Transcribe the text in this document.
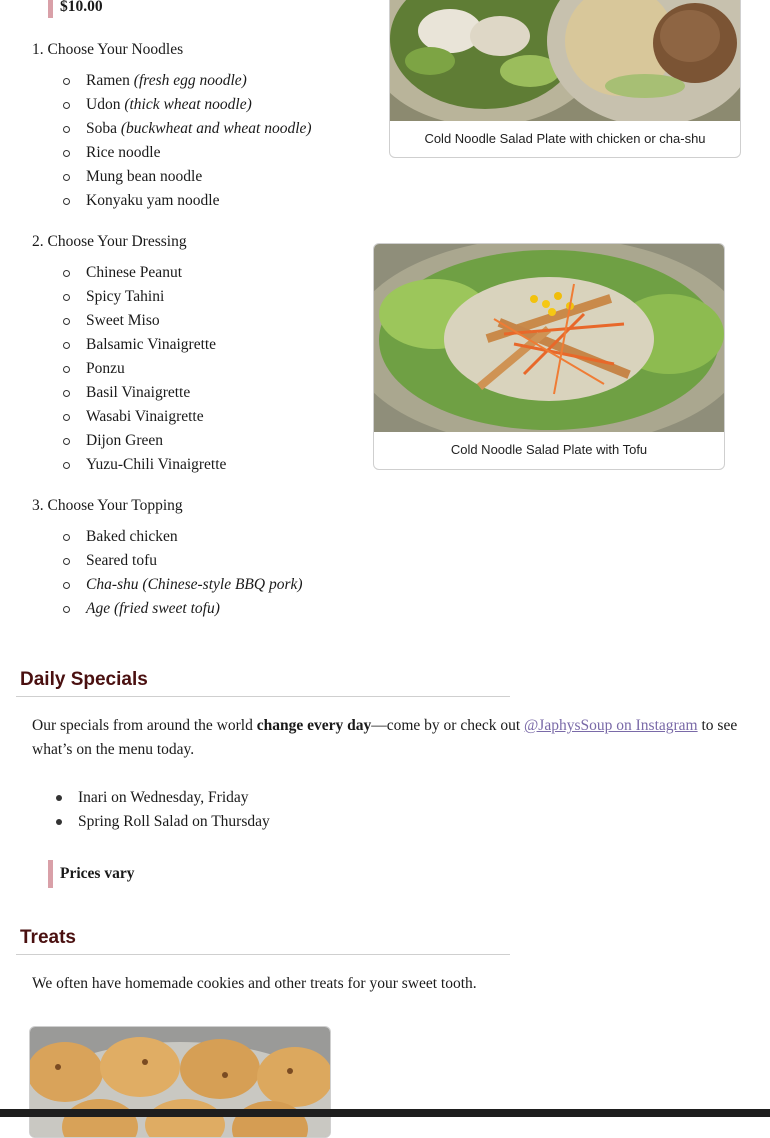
$10.00
1. Choose Your Noodles
Ramen (fresh egg noodle)
Udon (thick wheat noodle)
Soba (buckwheat and wheat noodle)
Rice noodle
Mung bean noodle
Konyaku yam noodle
2. Choose Your Dressing
Chinese Peanut
Spicy Tahini
Sweet Miso
Balsamic Vinaigrette
Ponzu
Basil Vinaigrette
Wasabi Vinaigrette
Dijon Green
Yuzu-Chili Vinaigrette
3. Choose Your Topping
Baked chicken
Seared tofu
Cha-shu (Chinese-style BBQ pork)
Age (fried sweet tofu)
Cold Noodle Salad Plate with chicken or cha-shu
Cold Noodle Salad Plate with Tofu
Daily Specials
Our specials from around the world change every day—come by or check out @JaphysSoup on Instagram to see what’s on the menu today.
Inari on Wednesday, Friday
Spring Roll Salad on Thursday
Prices vary
Treats
We often have homemade cookies and other treats for your sweet tooth.
